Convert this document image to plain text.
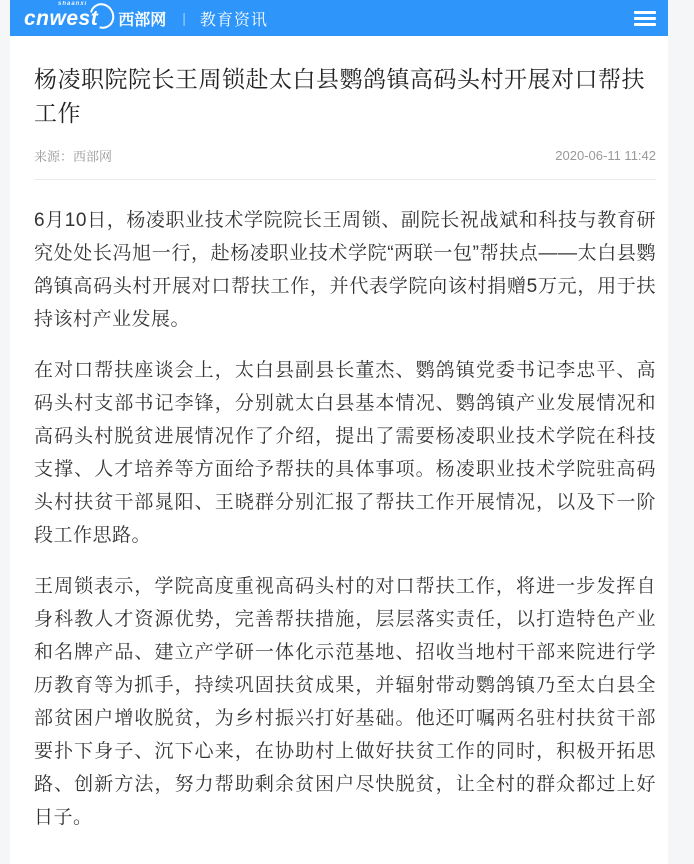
shaanxi
cnwest	西部网 | 教育资讯
杨凌职院院长王周锁赴太白县鹦鸽镇高码头村开展对口帮扶工作
来源：西部网	2020-06-11 11:42

6月10日，杨凌职业技术学院院长王周锁、副院长祝战斌和科技与教育研究处处长冯旭一行，赴杨凌职业技术学院“两联一包”帮扶点——太白县鹦鸽镇高码头村开展对口帮扶工作，并代表学院向该村捐赠5万元，用于扶持该村产业发展。

在对口帮扶座谈会上，太白县副县长董杰、鹦鸽镇党委书记李忠平、高码头村支部书记李锋，分别就太白县基本情况、鹦鸽镇产业发展情况和高码头村脱贫进展情况作了介绍，提出了需要杨凌职业技术学院在科技支撑、人才培养等方面给予帮扶的具体事项。杨凌职业技术学院驻高码头村扶贫干部晁阳、王晓群分别汇报了帮扶工作开展情况，以及下一阶段工作思路。

王周锁表示，学院高度重视高码头村的对口帮扶工作，将进一步发挥自身科教人才资源优势，完善帮扶措施，层层落实责任，以打造特色产业和名牌产品、建立产学研一体化示范基地、招收当地村干部来院进行学历教育等为抓手，持续巩固扶贫成果，并辐射带动鹦鸽镇乃至太白县全部贫困户增收脱贫，为乡村振兴打好基础。他还叮嘱两名驻村扶贫干部要扑下身子、沉下心来，在协助村上做好扶贫工作的同时，积极开拓思路、创新方法，努力帮助剩余贫困户尽快脱贫，让全村的群众都过上好日子。
